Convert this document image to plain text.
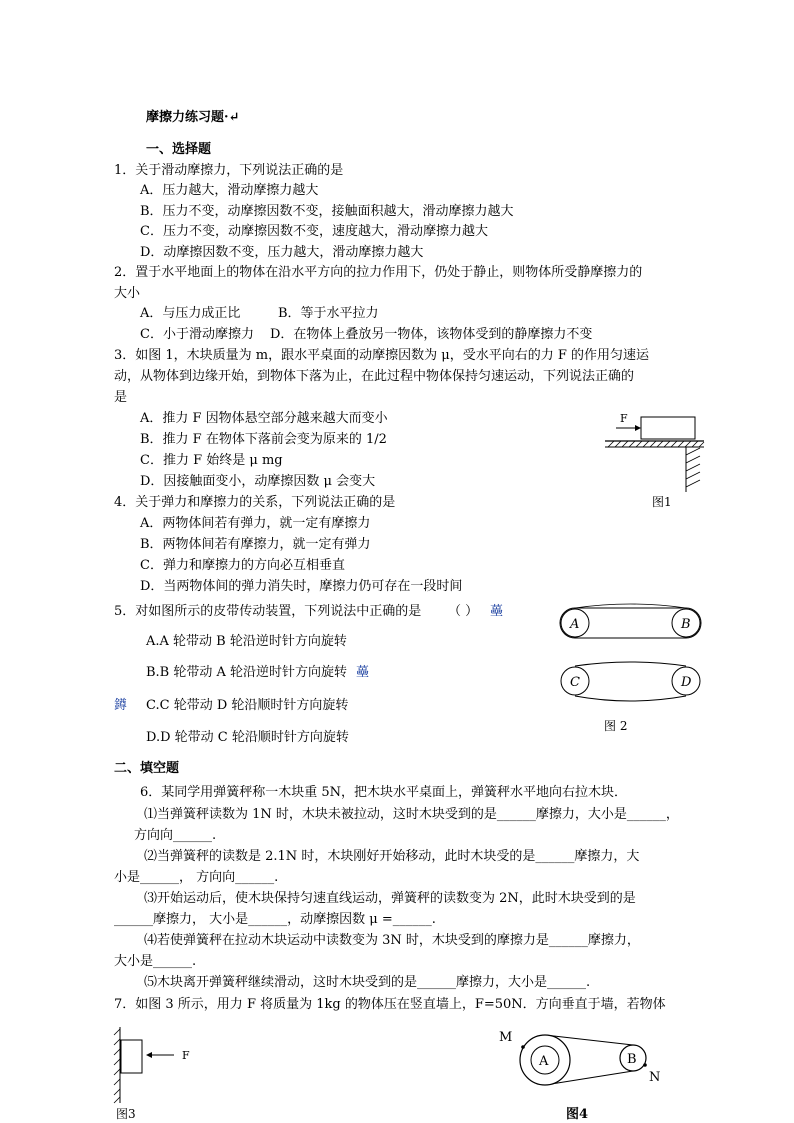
摩擦力练习题·↵
一、选择题
1．关于滑动摩擦力，下列说法正确的是
A．压力越大，滑动摩擦力越大
B．压力不变，动摩擦因数不变，接触面积越大，滑动摩擦力越大
C．压力不变，动摩擦因数不变，速度越大，滑动摩擦力越大
D．动摩擦因数不变，压力越大，滑动摩擦力越大
2．置于水平地面上的物体在沿水平方向的拉力作用下，仍处于静止，则物体所受静摩擦力的
大小
A．与压力成正比	B．等于水平拉力
C．小于滑动摩擦力 D．在物体上叠放另一物体，该物体受到的静摩擦力不变
3．如图 1，木块质量为 m，跟水平桌面的动摩擦因数为 μ，受水平向右的力 F 的作用匀速运
动，从物体到边缘开始，到物体下落为止，在此过程中物体保持匀速运动，下列说法正确的
是
A．推力 F 因物体悬空部分越来越大而变小
B．推力 F 在物体下落前会变为原来的 1/2
C．推力 F 始终是 μ mg
D．因接触面变小，动摩擦因数 μ 会变大
F
图1
4．关于弹力和摩擦力的关系，下列说法正确的是
A．两物体间若有弹力，就一定有摩擦力
B．两物体间若有摩擦力，就一定有弹力
C．弹力和摩擦力的方向必互相垂直
D．当两物体间的弹力消失时，摩擦力仍可存在一段时间
5．对如图所示的皮带传动装置，下列说法中正确的是 （ ） 蘲
A.A 轮带动 B 轮沿逆时针方向旋转
B.B 轮带动 A 轮沿逆时针方向旋转 蘲
鐏 C.C 轮带动 D 轮沿顺时针方向旋转
D.D 轮带动 C 轮沿顺时针方向旋转
A	B
C	D
图 2
二、填空题
6．某同学用弹簧秤称一木块重 5N，把木块水平桌面上，弹簧秤水平地向右拉木块．
⑴当弹簧秤读数为 1N 时，木块未被拉动，这时木块受到的是______摩擦力，大小是______，
方向向______.
⑵当弹簧秤的读数是 2.1N 时，木块刚好开始移动，此时木块受的是______摩擦力，大
小是______， 方向向______.
⑶开始运动后，使木块保持匀速直线运动，弹簧秤的读数变为 2N，此时木块受到的是
______摩擦力， 大小是______，动摩擦因数 μ =______.
⑷若使弹簧秤在拉动木块运动中读数变为 3N 时，木块受到的摩擦力是______摩擦力，
大小是______.
⑸木块离开弹簧秤继续滑动，这时木块受到的是______摩擦力，大小是______.
7．如图 3 所示，用力 F 将质量为 1kg 的物体压在竖直墙上，F=50N．方向垂直于墙，若物体
F
图3
M
A	B
N
图4
